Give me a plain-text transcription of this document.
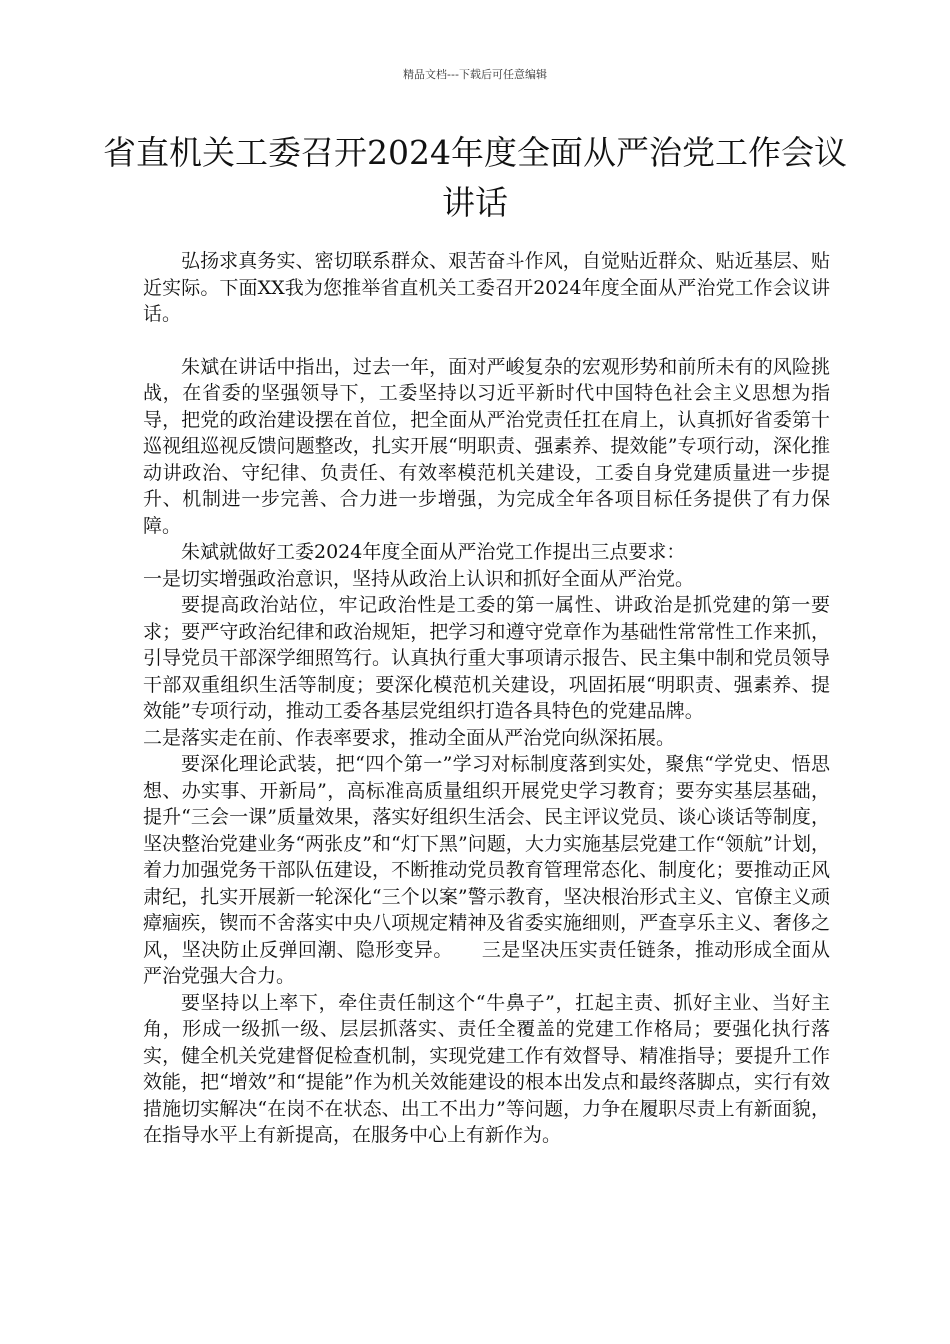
精品文档---下载后可任意编辑
省直机关工委召开2024年度全面从严治党工作会议讲话

弘扬求真务实、密切联系群众、艰苦奋斗作风，自觉贴近群众、贴近基层、贴近实际。下面XX我为您推举省直机关工委召开2024年度全面从严治党工作会议讲话。

朱斌在讲话中指出，过去一年，面对严峻复杂的宏观形势和前所未有的风险挑战，在省委的坚强领导下，工委坚持以习近平新时代中国特色社会主义思想为指导，把党的政治建设摆在首位，把全面从严治党责任扛在肩上，认真抓好省委第十巡视组巡视反馈问题整改，扎实开展“明职责、强素养、提效能”专项行动，深化推动讲政治、守纪律、负责任、有效率模范机关建设，工委自身党建质量进一步提升、机制进一步完善、合力进一步增强，为完成全年各项目标任务提供了有力保障。

朱斌就做好工委2024年度全面从严治党工作提出三点要求：

一是切实增强政治意识，坚持从政治上认识和抓好全面从严治党。

要提高政治站位，牢记政治性是工委的第一属性、讲政治是抓党建的第一要求；要严守政治纪律和政治规矩，把学习和遵守党章作为基础性常常性工作来抓，引导党员干部深学细照笃行。认真执行重大事项请示报告、民主集中制和党员领导干部双重组织生活等制度；要深化模范机关建设，巩固拓展“明职责、强素养、提效能”专项行动，推动工委各基层党组织打造各具特色的党建品牌。

二是落实走在前、作表率要求，推动全面从严治党向纵深拓展。

要深化理论武装，把“四个第一”学习对标制度落到实处，聚焦“学党史、悟思想、办实事、开新局”，高标准高质量组织开展党史学习教育；要夯实基层基础，提升“三会一课”质量效果，落实好组织生活会、民主评议党员、谈心谈话等制度，坚决整治党建业务“两张皮”和“灯下黑”问题，大力实施基层党建工作“领航”计划，着力加强党务干部队伍建设，不断推动党员教育管理常态化、制度化；要推动正风肃纪，扎实开展新一轮深化“三个以案”警示教育，坚决根治形式主义、官僚主义顽瘴痼疾，锲而不舍落实中央八项规定精神及省委实施细则，严查享乐主义、奢侈之风，坚决防止反弹回潮、隐形变异。　　三是坚决压实责任链条，推动形成全面从严治党强大合力。

要坚持以上率下，牵住责任制这个“牛鼻子”，扛起主责、抓好主业、当好主角，形成一级抓一级、层层抓落实、责任全覆盖的党建工作格局；要强化执行落实，健全机关党建督促检查机制，实现党建工作有效督导、精准指导；要提升工作效能，把“增效”和“提能”作为机关效能建设的根本出发点和最终落脚点，实行有效措施切实解决“在岗不在状态、出工不出力”等问题，力争在履职尽责上有新面貌，在指导水平上有新提高，在服务中心上有新作为。
